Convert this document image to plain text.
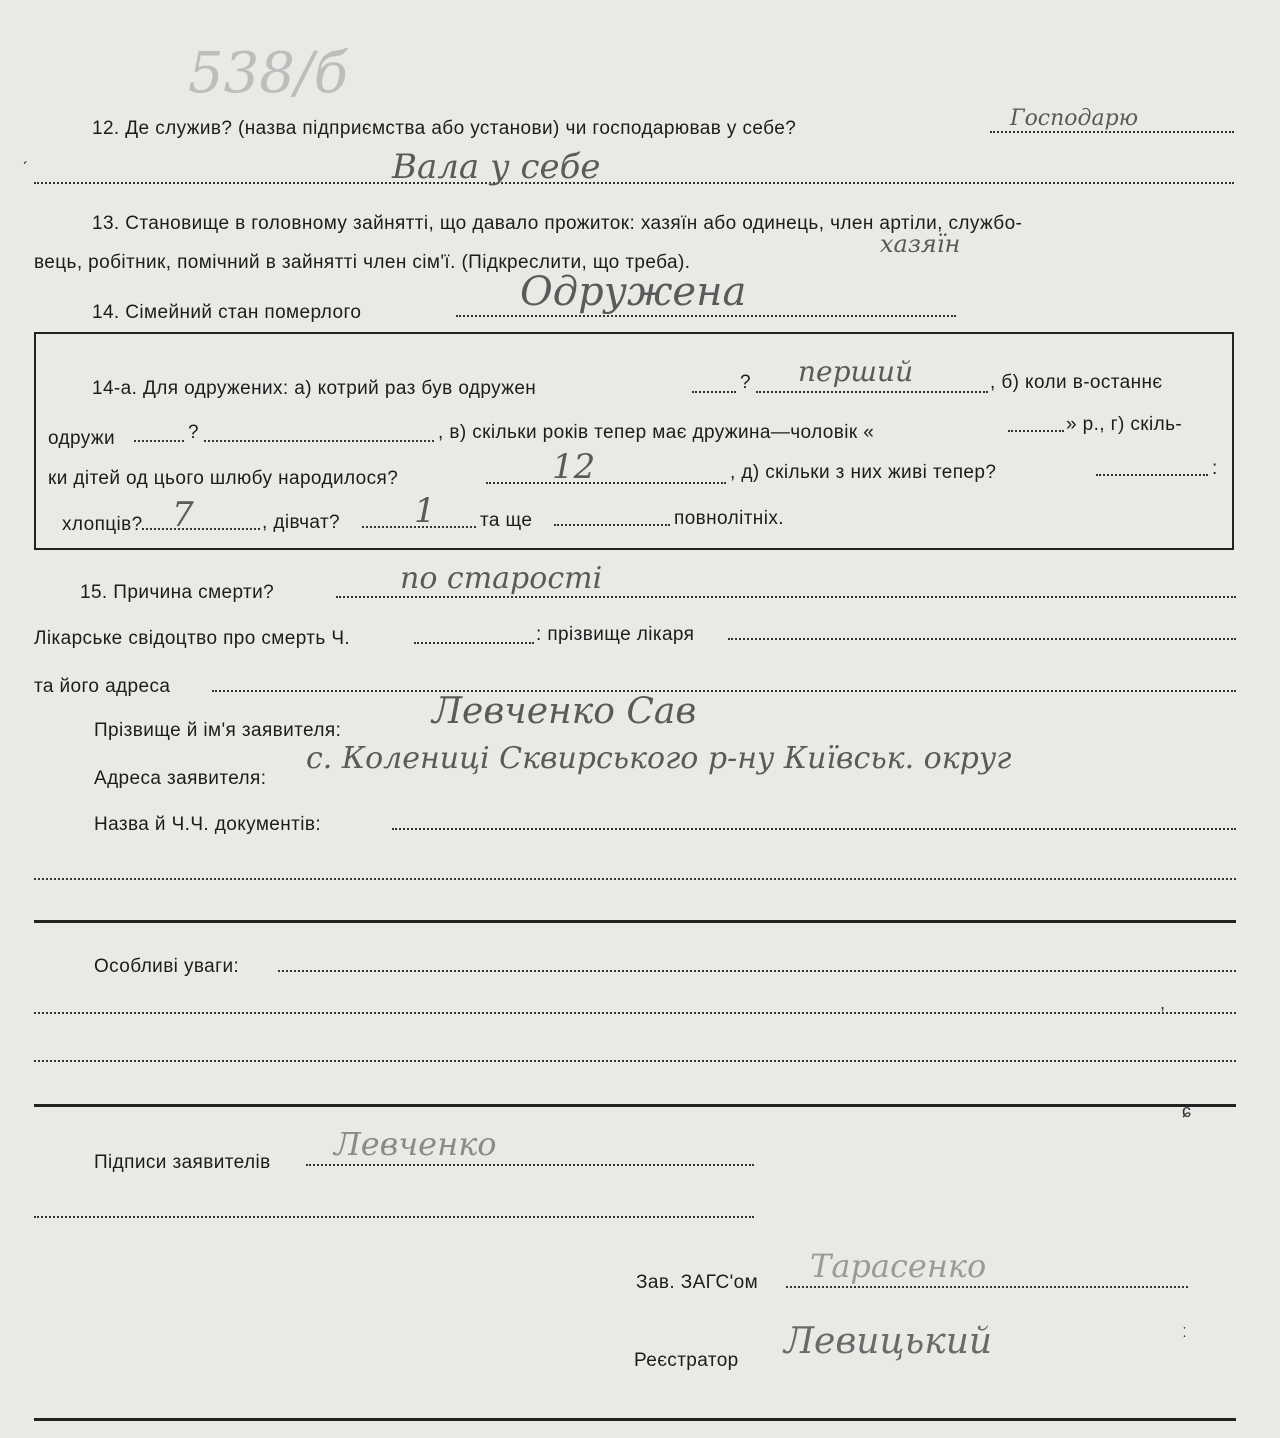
538/б
12. Де служив? (назва підприємства або установи) чи господарював у себе?	Господарю
Вала у себе
ˊ
13. Становище в головному зайнятті, що давало прожиток: хазяїн або одинець, член артіли, службо-
вець, робітник, помічний в зайнятті член сім'ї. (Підкреслити, що треба).
хазяїн
14. Сімейний стан померлого	Одружена
14-а. Для одружених: а) котрий раз був одружен	? перший	, б) коли в-останнє
одружи	?	, в) скільки років тепер має дружина—чоловік «	» р., г) скіль-
ки дітей од цього шлюбу народилося?	12	, д) скільки з них живі тепер?	:
хлопців? 7	, дівчат? 1 та ще	повнолітніх.
15. Причина смерти?	по старості
Лікарське свідоцтво про смерть Ч.	: прізвище лікаря
та його адреса
Прізвище й ім'я заявителя:	Левченко Сав
Адреса заявителя:
с. Колениці Сквирського р-ну Київськ. округ
Назва й Ч.Ч. документів:
Особливі уваги:
,
ɕ
Підписи заявителів Левченко
Зав. ЗАГС'ом Тарасенко
Реєстратор Левицький	ː
